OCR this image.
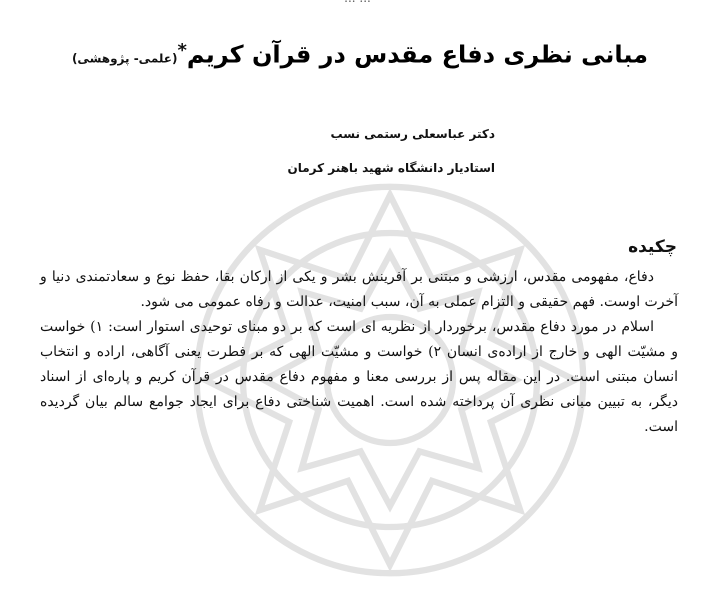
مبانی نظری دفاع مقدس در قرآن کریم*(علمی- پژوهشی)
دکتر عباسعلی رستمی نسب
استادیار دانشگاه شهید باهنر کرمان
چکیده

دفاع، مفهومی مقدس، ارزشی و مبتنی بر آفرینش بشر و یکی از ارکان بقا، حفظ نوع و سعادتمندی دنیا و آخرت اوست. فهم حقیقی و التزام عملی به آن، سبب امنیت، عدالت و رفاه عمومی می شود.

اسلام در مورد دفاع مقدس، برخوردار از نظریه ای است که بر دو مبنای توحیدی استوار است: ۱) خواست و مشیّت الهی و خارج از اراده‌ی انسان ۲) خواست و مشیّت الهی که بر فطرت یعنی آگاهی، اراده و انتخاب انسان مبتنی است. در این مقاله پس از بررسی معنا و مفهوم دفاع مقدس در قرآن کریم و پاره‌ای از اسناد دیگر، به تبیین مبانی نظری آن پرداخته شده است. اهمیت شناختی دفاع برای ایجاد جوامع سالم بیان گردیده است.
